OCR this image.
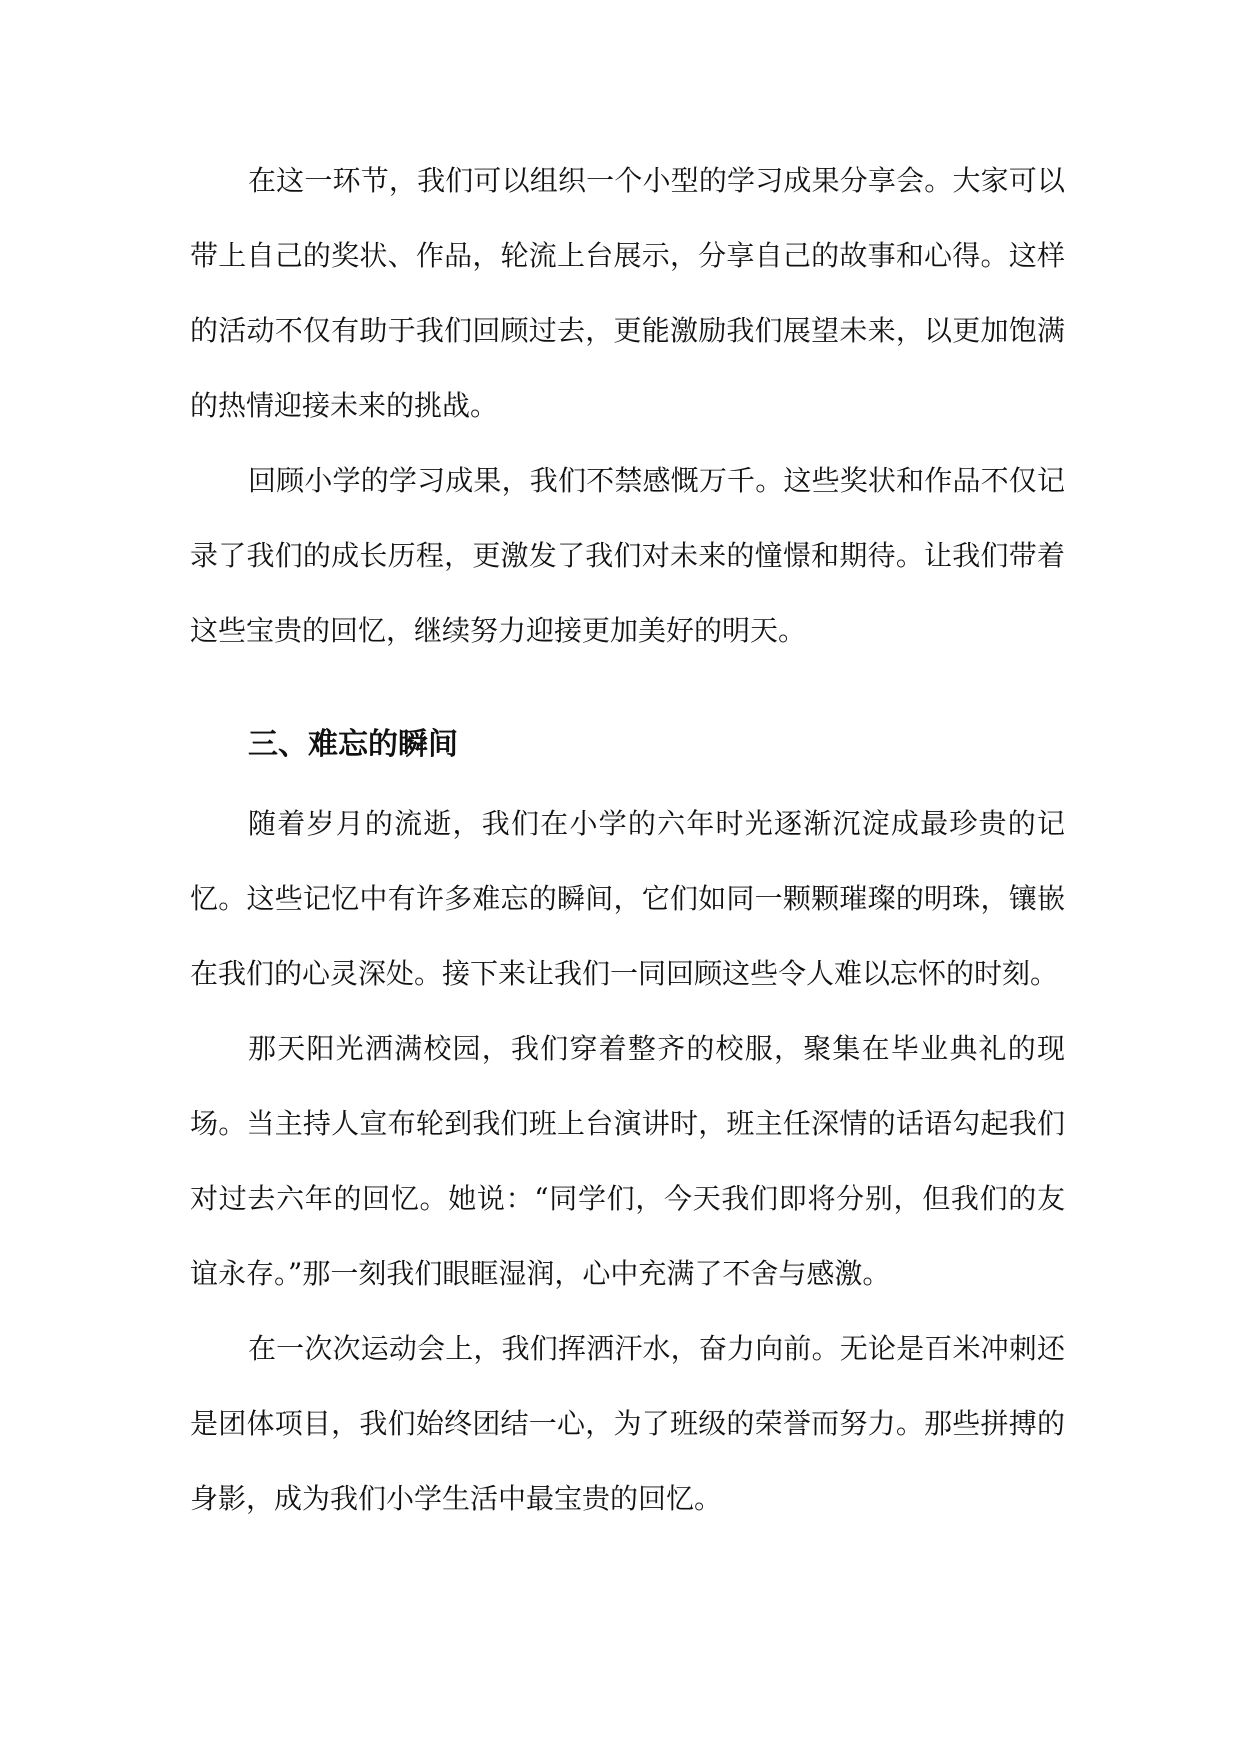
在这一环节，我们可以组织一个小型的学习成果分享会。大家可以带上自己的奖状、作品，轮流上台展示，分享自己的故事和心得。这样的活动不仅有助于我们回顾过去，更能激励我们展望未来，以更加饱满的热情迎接未来的挑战。

回顾小学的学习成果，我们不禁感慨万千。这些奖状和作品不仅记录了我们的成长历程，更激发了我们对未来的憧憬和期待。让我们带着这些宝贵的回忆，继续努力迎接更加美好的明天。

三、难忘的瞬间

随着岁月的流逝，我们在小学的六年时光逐渐沉淀成最珍贵的记忆。这些记忆中有许多难忘的瞬间，它们如同一颗颗璀璨的明珠，镶嵌在我们的心灵深处。接下来让我们一同回顾这些令人难以忘怀的时刻。

那天阳光洒满校园，我们穿着整齐的校服，聚集在毕业典礼的现场。当主持人宣布轮到我们班上台演讲时，班主任深情的话语勾起我们对过去六年的回忆。她说：“同学们，今天我们即将分别，但我们的友谊永存。”那一刻我们眼眶湿润，心中充满了不舍与感激。

在一次次运动会上，我们挥洒汗水，奋力向前。无论是百米冲刺还是团体项目，我们始终团结一心，为了班级的荣誉而努力。那些拼搏的身影，成为我们小学生活中最宝贵的回忆。
